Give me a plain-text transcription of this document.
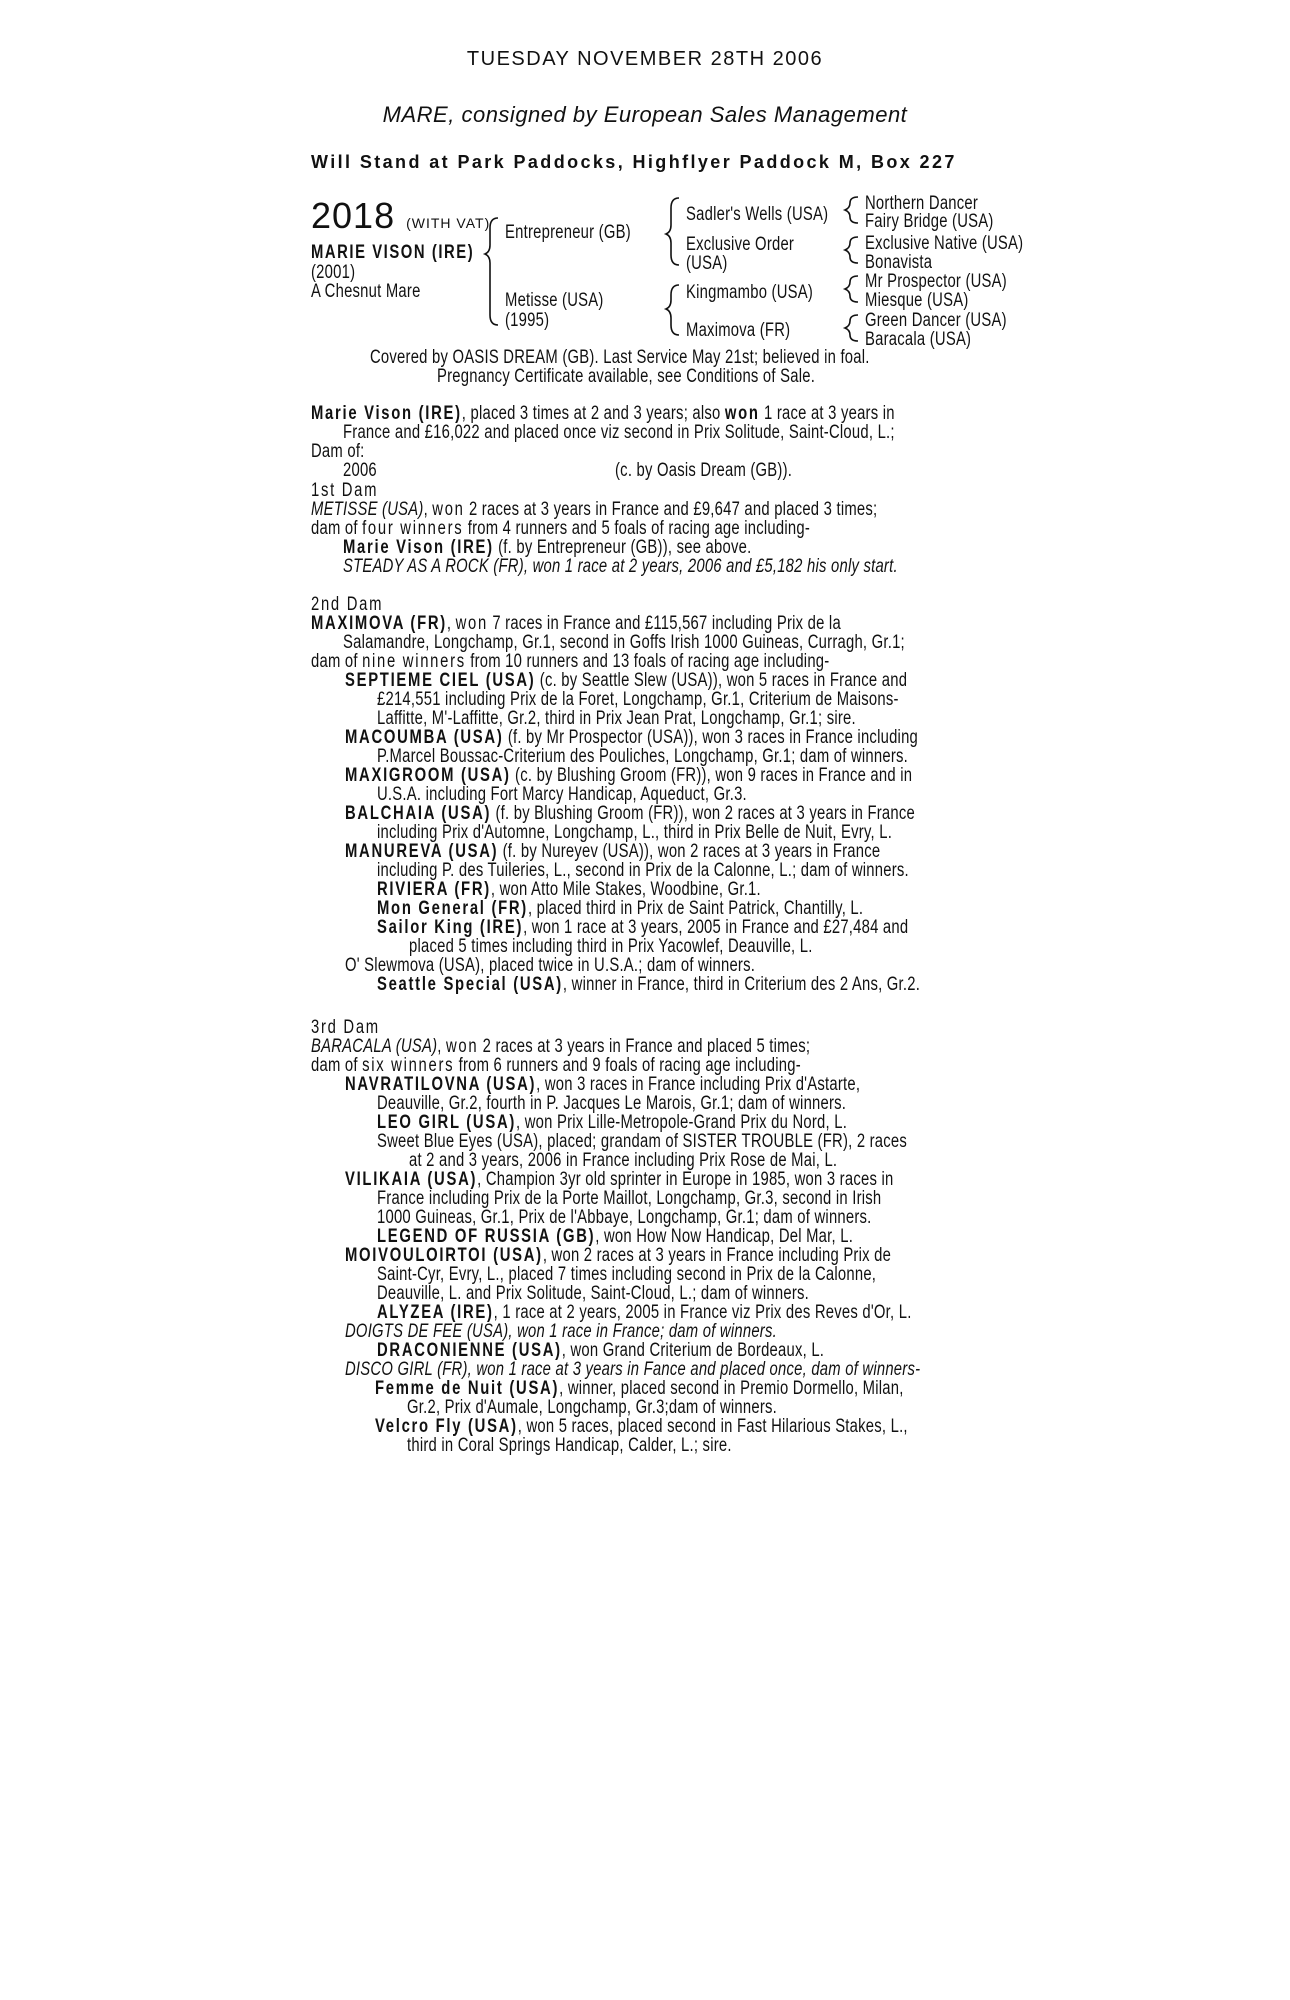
TUESDAY NOVEMBER 28TH 2006
MARE, consigned by European Sales Management
Will Stand at Park Paddocks, Highflyer Paddock M, Box 227
2018 (WITH VAT)
MARIE VISON (IRE)
(2001)
A Chesnut Mare
Entrepreneur (GB)
Metisse (USA)
(1995)
Sadler's Wells (USA)
Exclusive Order
(USA)
Kingmambo (USA)
Maximova (FR)
Northern Dancer
Fairy Bridge (USA)
Exclusive Native (USA)
Bonavista
Mr Prospector (USA)
Miesque (USA)
Green Dancer (USA)
Baracala (USA)
Covered by OASIS DREAM (GB). Last Service May 21st; believed in foal.
Pregnancy Certificate available, see Conditions of Sale.
Marie Vison (IRE), placed 3 times at 2 and 3 years; also won 1 race at 3 years in
France and £16,022 and placed once viz second in Prix Solitude, Saint-Cloud, L.;
Dam of:
2006	(c. by Oasis Dream (GB)).
1st Dam
METISSE (USA), won 2 races at 3 years in France and £9,647 and placed 3 times;
dam of four winners from 4 runners and 5 foals of racing age including-
Marie Vison (IRE) (f. by Entrepreneur (GB)), see above.
STEADY AS A ROCK (FR), won 1 race at 2 years, 2006 and £5,182 his only start.
2nd Dam
MAXIMOVA (FR), won 7 races in France and £115,567 including Prix de la
Salamandre, Longchamp, Gr.1, second in Goffs Irish 1000 Guineas, Curragh, Gr.1;
dam of nine winners from 10 runners and 13 foals of racing age including-
SEPTIEME CIEL (USA) (c. by Seattle Slew (USA)), won 5 races in France and
£214,551 including Prix de la Foret, Longchamp, Gr.1, Criterium de Maisons-
Laffitte, M'-Laffitte, Gr.2, third in Prix Jean Prat, Longchamp, Gr.1; sire.
MACOUMBA (USA) (f. by Mr Prospector (USA)), won 3 races in France including
P.Marcel Boussac-Criterium des Pouliches, Longchamp, Gr.1; dam of winners.
MAXIGROOM (USA) (c. by Blushing Groom (FR)), won 9 races in France and in
U.S.A. including Fort Marcy Handicap, Aqueduct, Gr.3.
BALCHAIA (USA) (f. by Blushing Groom (FR)), won 2 races at 3 years in France
including Prix d'Automne, Longchamp, L., third in Prix Belle de Nuit, Evry, L.
MANUREVA (USA) (f. by Nureyev (USA)), won 2 races at 3 years in France
including P. des Tuileries, L., second in Prix de la Calonne, L.; dam of winners.
RIVIERA (FR), won Atto Mile Stakes, Woodbine, Gr.1.
Mon General (FR), placed third in Prix de Saint Patrick, Chantilly, L.
Sailor King (IRE), won 1 race at 3 years, 2005 in France and £27,484 and
placed 5 times including third in Prix Yacowlef, Deauville, L.
O' Slewmova (USA), placed twice in U.S.A.; dam of winners.
Seattle Special (USA), winner in France, third in Criterium des 2 Ans, Gr.2.
3rd Dam
BARACALA (USA), won 2 races at 3 years in France and placed 5 times;
dam of six winners from 6 runners and 9 foals of racing age including-
NAVRATILOVNA (USA), won 3 races in France including Prix d'Astarte,
Deauville, Gr.2, fourth in P. Jacques Le Marois, Gr.1; dam of winners.
LEO GIRL (USA), won Prix Lille-Metropole-Grand Prix du Nord, L.
Sweet Blue Eyes (USA), placed; grandam of SISTER TROUBLE (FR), 2 races
at 2 and 3 years, 2006 in France including Prix Rose de Mai, L.
VILIKAIA (USA), Champion 3yr old sprinter in Europe in 1985, won 3 races in
France including Prix de la Porte Maillot, Longchamp, Gr.3, second in Irish
1000 Guineas, Gr.1, Prix de l'Abbaye, Longchamp, Gr.1; dam of winners.
LEGEND OF RUSSIA (GB), won How Now Handicap, Del Mar, L.
MOIVOULOIRTOI (USA), won 2 races at 3 years in France including Prix de
Saint-Cyr, Evry, L., placed 7 times including second in Prix de la Calonne,
Deauville, L. and Prix Solitude, Saint-Cloud, L.; dam of winners.
ALYZEA (IRE), 1 race at 2 years, 2005 in France viz Prix des Reves d'Or, L.
DOIGTS DE FEE (USA), won 1 race in France; dam of winners.
DRACONIENNE (USA), won Grand Criterium de Bordeaux, L.
DISCO GIRL (FR), won 1 race at 3 years in Fance and placed once, dam of winners-
Femme de Nuit (USA), winner, placed second in Premio Dormello, Milan,
Gr.2, Prix d'Aumale, Longchamp, Gr.3;dam of winners.
Velcro Fly (USA), won 5 races, placed second in Fast Hilarious Stakes, L.,
third in Coral Springs Handicap, Calder, L.; sire.
